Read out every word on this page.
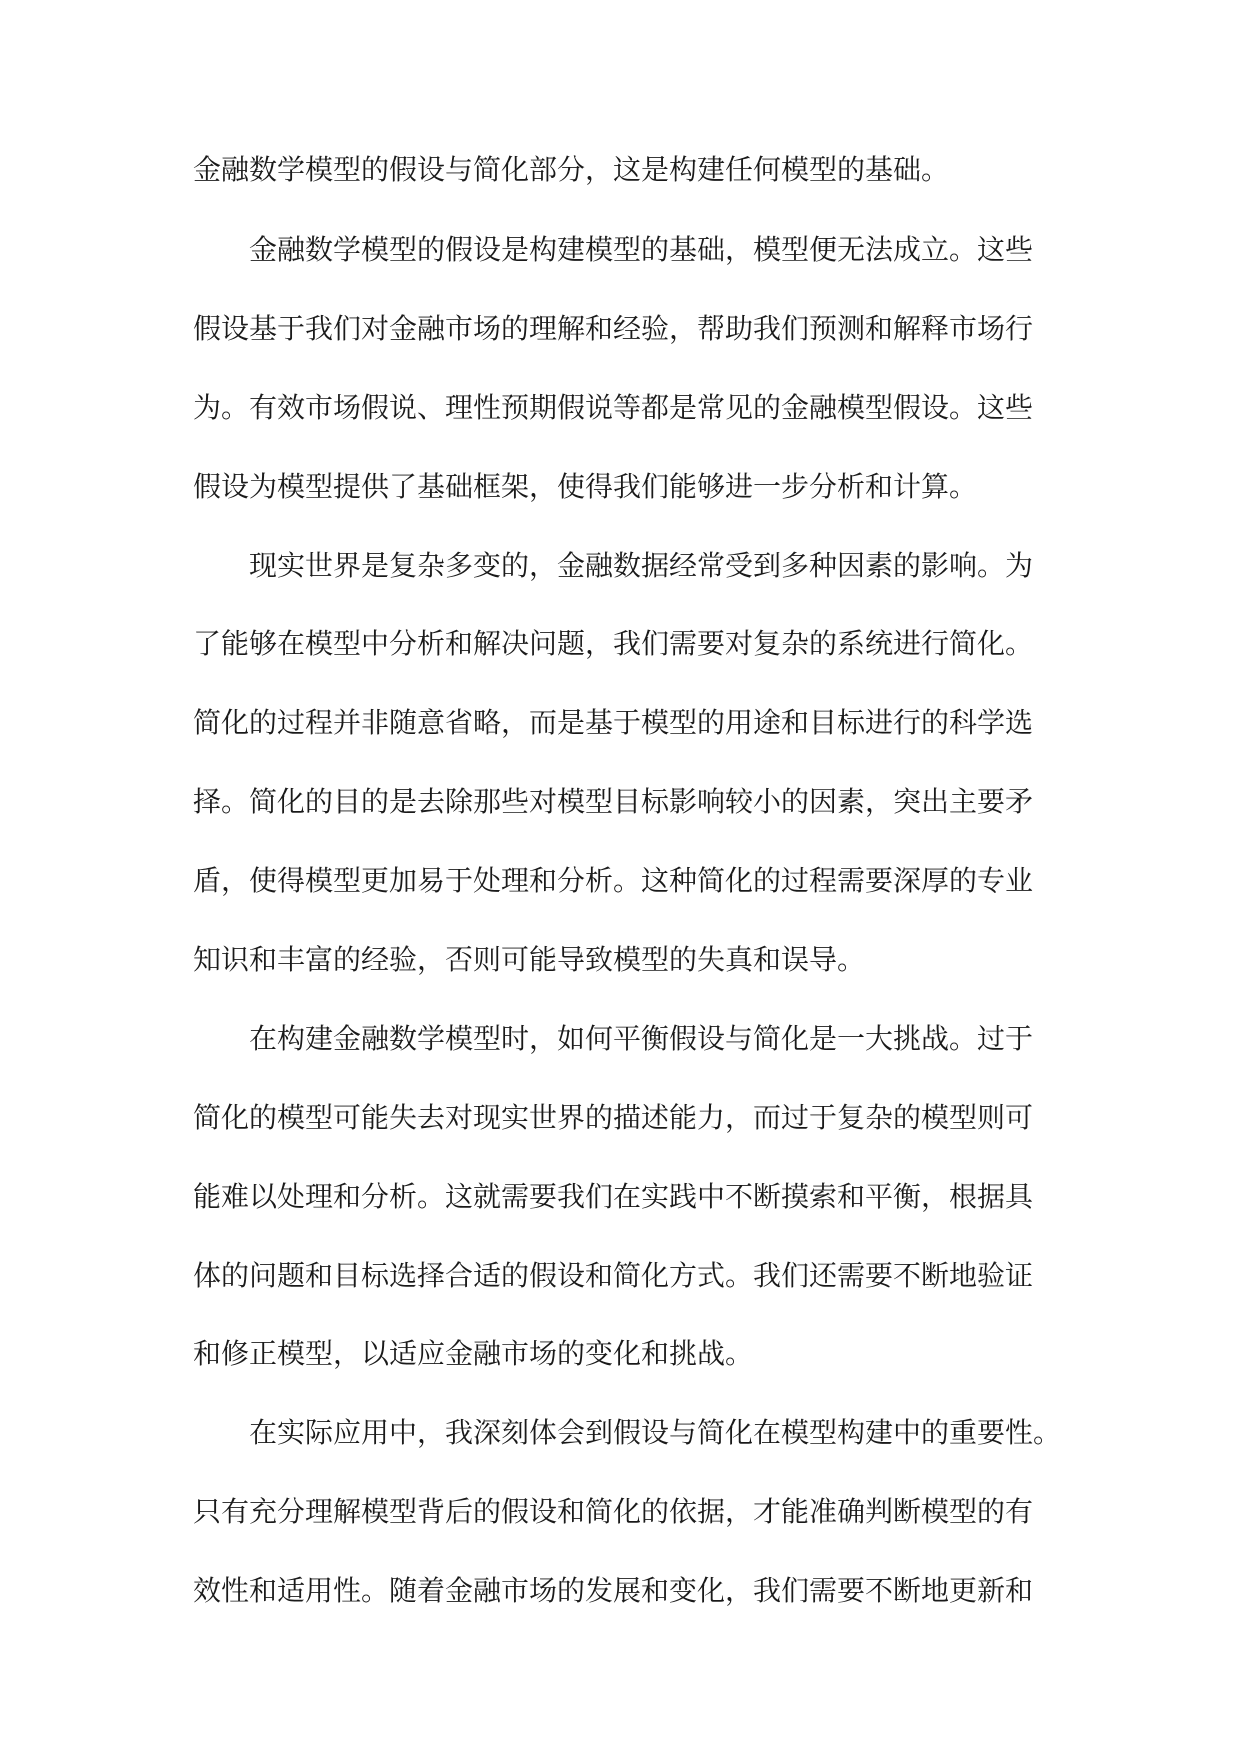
金融数学模型的假设与简化部分，这是构建任何模型的基础。
金融数学模型的假设是构建模型的基础，模型便无法成立。这些
假设基于我们对金融市场的理解和经验，帮助我们预测和解释市场行
为。有效市场假说、理性预期假说等都是常见的金融模型假设。这些
假设为模型提供了基础框架，使得我们能够进一步分析和计算。
现实世界是复杂多变的，金融数据经常受到多种因素的影响。为
了能够在模型中分析和解决问题，我们需要对复杂的系统进行简化。
简化的过程并非随意省略，而是基于模型的用途和目标进行的科学选
择。简化的目的是去除那些对模型目标影响较小的因素，突出主要矛
盾，使得模型更加易于处理和分析。这种简化的过程需要深厚的专业
知识和丰富的经验，否则可能导致模型的失真和误导。
在构建金融数学模型时，如何平衡假设与简化是一大挑战。过于
简化的模型可能失去对现实世界的描述能力，而过于复杂的模型则可
能难以处理和分析。这就需要我们在实践中不断摸索和平衡，根据具
体的问题和目标选择合适的假设和简化方式。我们还需要不断地验证
和修正模型，以适应金融市场的变化和挑战。
在实际应用中，我深刻体会到假设与简化在模型构建中的重要性。
只有充分理解模型背后的假设和简化的依据，才能准确判断模型的有
效性和适用性。随着金融市场的发展和变化，我们需要不断地更新和
